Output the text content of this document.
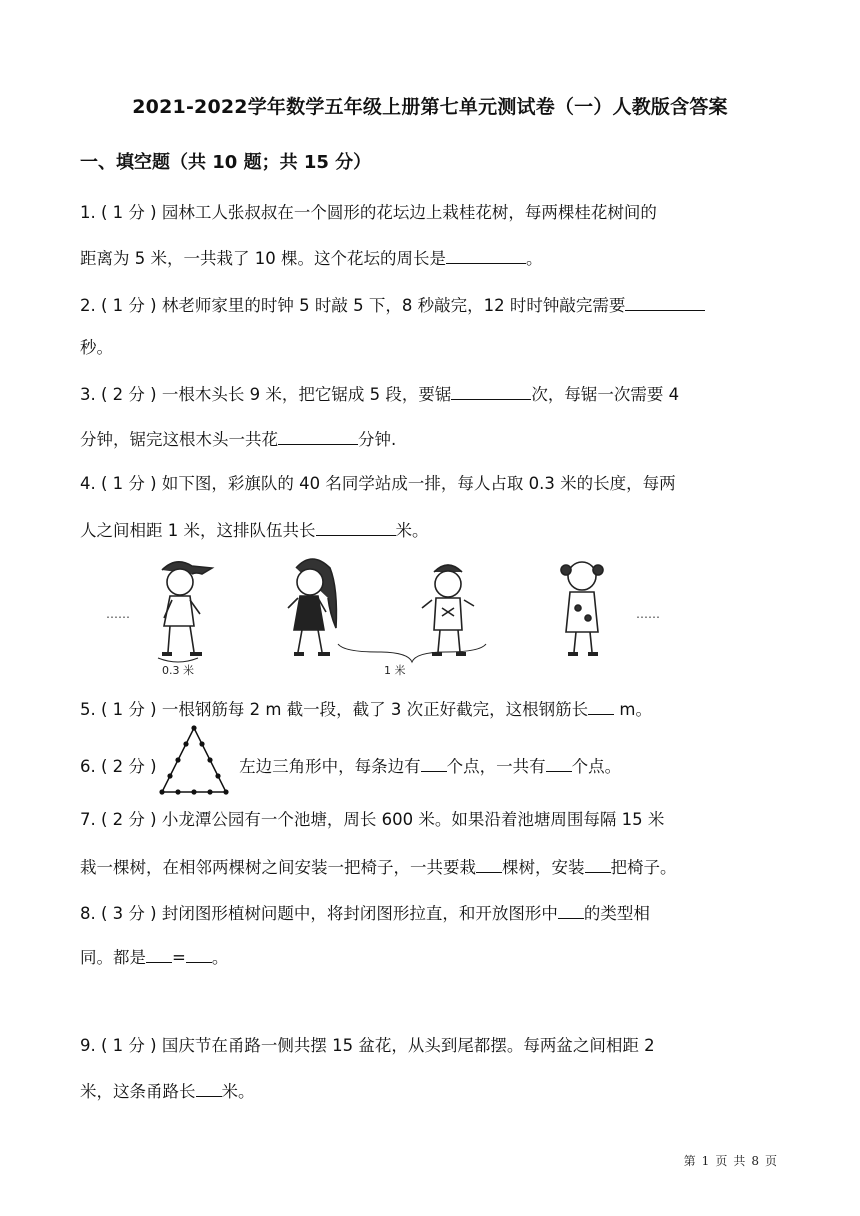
2021-2022学年数学五年级上册第七单元测试卷（一）人教版含答案
一、填空题（共 10 题；共 15 分）
1. ( 1 分 ) 园林工人张叔叔在一个圆形的花坛边上栽桂花树，每两棵桂花树间的
距离为 5 米，一共栽了 10 棵。这个花坛的周长是	。
2. ( 1 分 ) 林老师家里的时钟 5 时敲 5 下，8 秒敲完，12 时时钟敲完需要
秒。
3. ( 2 分 ) 一根木头长 9 米，把它锯成 5 段，要锯	次，每锯一次需要 4
分钟，锯完这根木头一共花	分钟.
4. ( 1 分 ) 如下图，彩旗队的 40 名同学站成一排，每人占取 0.3 米的长度，每两
人之间相距 1 米，这排队伍共长	米。
……
0.3 米	1 米
……
5. ( 1 分 ) 一根钢筋每 2 m 截一段，截了 3 次正好截完，这根钢筋长 m。
6. ( 2 分 )	左边三角形中，每条边有 个点，一共有 个点。
7. ( 2 分 ) 小龙潭公园有一个池塘，周长 600 米。如果沿着池塘周围每隔 15 米
栽一棵树，在相邻两棵树之间安装一把椅子，一共要栽 棵树，安装 把椅子。
8. ( 3 分 ) 封闭图形植树问题中，将封闭图形拉直，和开放图形中 的类型相
同。都是 = 。
9. ( 1 分 ) 国庆节在甬路一侧共摆 15 盆花，从头到尾都摆。每两盆之间相距 2
米，这条甬路长 米。
第 1 页 共 8 页
